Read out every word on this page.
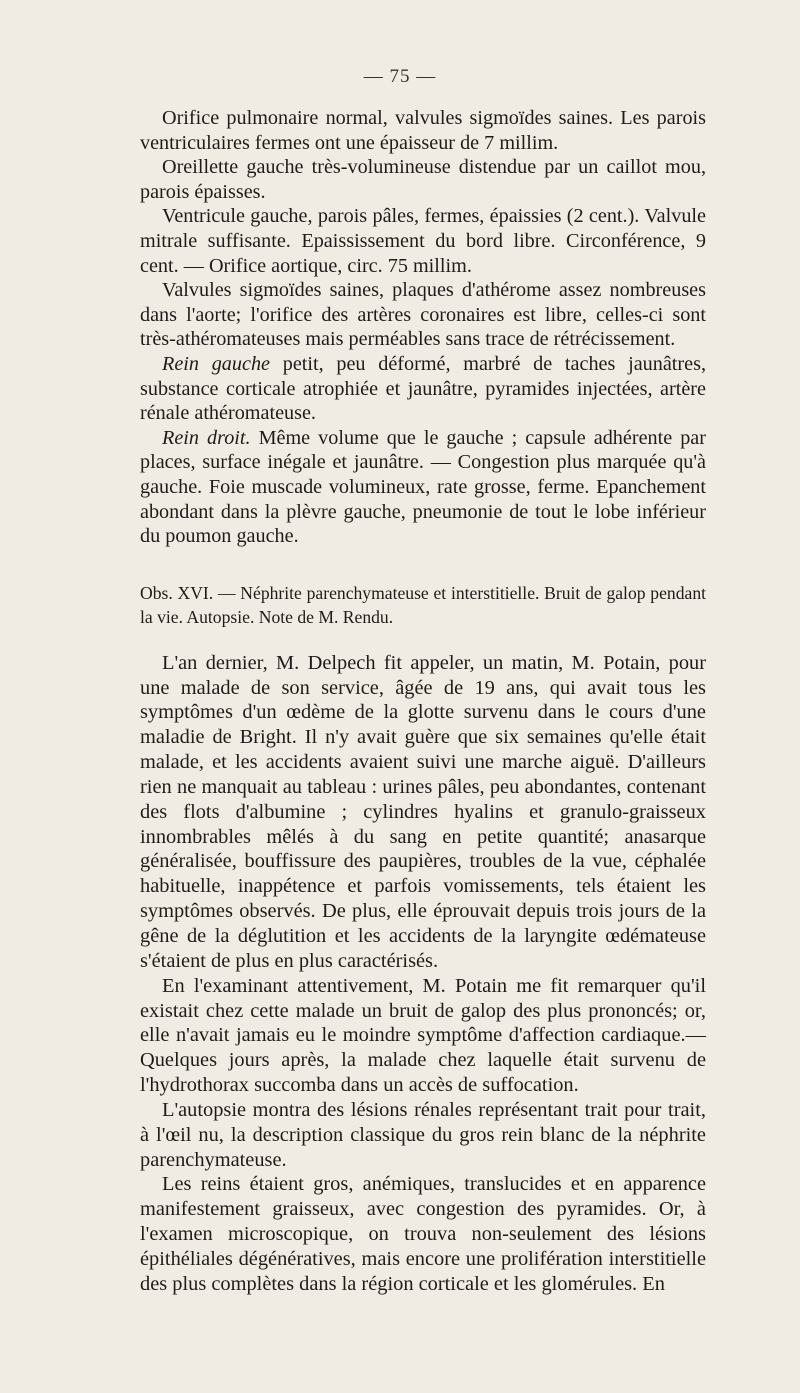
— 75 —

Orifice pulmonaire normal, valvules sigmoïdes saines. Les parois ventriculaires fermes ont une épaisseur de 7 millim.

Oreillette gauche très-volumineuse distendue par un caillot mou, parois épaisses.

Ventricule gauche, parois pâles, fermes, épaissies (2 cent.). Valvule mitrale suffisante. Epaississement du bord libre. Circonférence, 9 cent. — Orifice aortique, circ. 75 millim.

Valvules sigmoïdes saines, plaques d'athérome assez nombreuses dans l'aorte; l'orifice des artères coronaires est libre, celles-ci sont très-athéromateuses mais perméables sans trace de rétrécissement.

Rein gauche petit, peu déformé, marbré de taches jaunâtres, substance corticale atrophiée et jaunâtre, pyramides injectées, artère rénale athéromateuse.

Rein droit. Même volume que le gauche ; capsule adhérente par places, surface inégale et jaunâtre. — Congestion plus marquée qu'à gauche. Foie muscade volumineux, rate grosse, ferme. Epanchement abondant dans la plèvre gauche, pneumonie de tout le lobe inférieur du poumon gauche.

Obs. XVI. — Néphrite parenchymateuse et interstitielle. Bruit de galop pendant la vie. Autopsie. Note de M. Rendu.

L'an dernier, M. Delpech fit appeler, un matin, M. Potain, pour une malade de son service, âgée de 19 ans, qui avait tous les symptômes d'un œdème de la glotte survenu dans le cours d'une maladie de Bright. Il n'y avait guère que six semaines qu'elle était malade, et les accidents avaient suivi une marche aiguë. D'ailleurs rien ne manquait au tableau : urines pâles, peu abondantes, contenant des flots d'albumine ; cylindres hyalins et granulo-graisseux innombrables mêlés à du sang en petite quantité; anasarque généralisée, bouffissure des paupières, troubles de la vue, céphalée habituelle, inappétence et parfois vomissements, tels étaient les symptômes observés. De plus, elle éprouvait depuis trois jours de la gêne de la déglutition et les accidents de la laryngite œdémateuse s'étaient de plus en plus caractérisés.

En l'examinant attentivement, M. Potain me fit remarquer qu'il existait chez cette malade un bruit de galop des plus prononcés; or, elle n'avait jamais eu le moindre symptôme d'affection cardiaque.— Quelques jours après, la malade chez laquelle était survenu de l'hydrothorax succomba dans un accès de suffocation.

L'autopsie montra des lésions rénales représentant trait pour trait, à l'œil nu, la description classique du gros rein blanc de la néphrite parenchymateuse.

Les reins étaient gros, anémiques, translucides et en apparence manifestement graisseux, avec congestion des pyramides. Or, à l'examen microscopique, on trouva non-seulement des lésions épithéliales dégénératives, mais encore une prolifération interstitielle des plus complètes dans la région corticale et les glomérules. En
